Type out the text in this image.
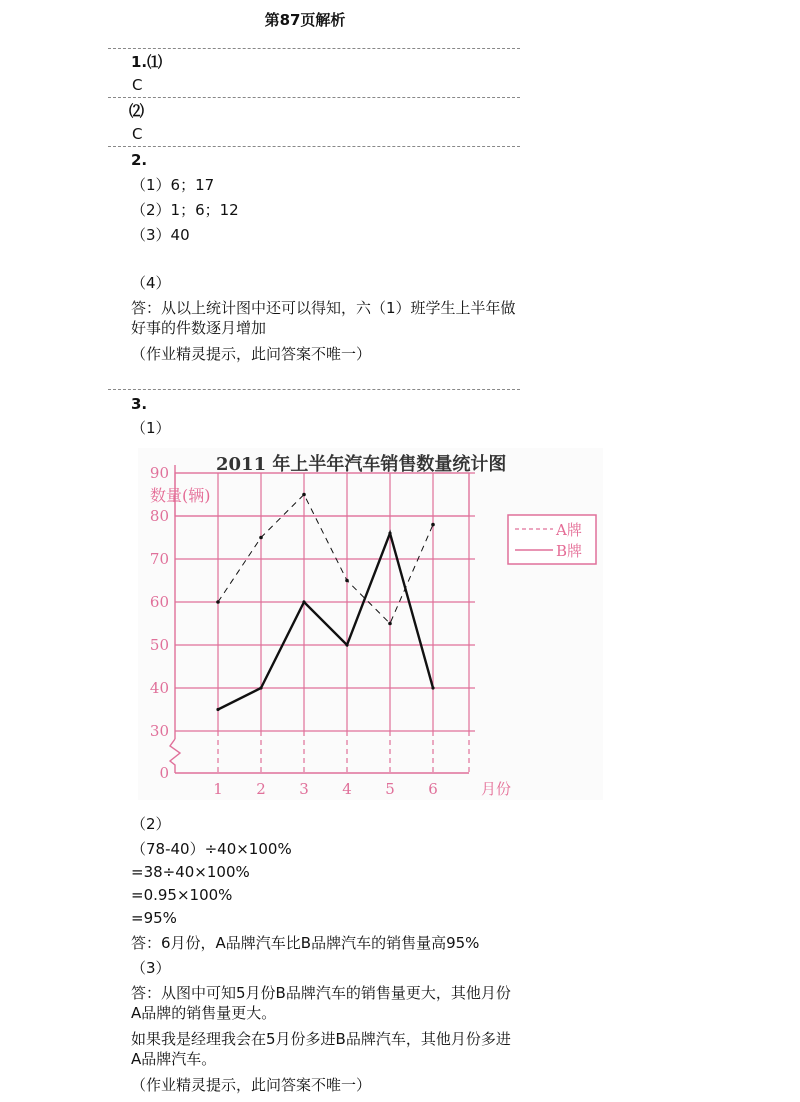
第87页解析
1.⑴
C
⑵
C
2.
（1）6；17
（2）1；6；12
（3）40
（4）
答：从以上统计图中还可以得知，六（1）班学生上半年做好事的件数逐月增加
（作业精灵提示，此问答案不唯一）
3.
（1）
0
30
40
50
60
70
80
90
1 2 3 4 5 6
2011 年上半年汽车销售数量统计图
数量(辆)
月份
A牌
B牌
（2）
（78-40）÷40×100%
=38÷40×100%
=0.95×100%
=95%
答：6月份，A品牌汽车比B品牌汽车的销售量高95%
（3）
答：从图中可知5月份B品牌汽车的销售量更大，其他月份A品牌的销售量更大。
如果我是经理我会在5月份多进B品牌汽车，其他月份多进A品牌汽车。
（作业精灵提示，此问答案不唯一）
